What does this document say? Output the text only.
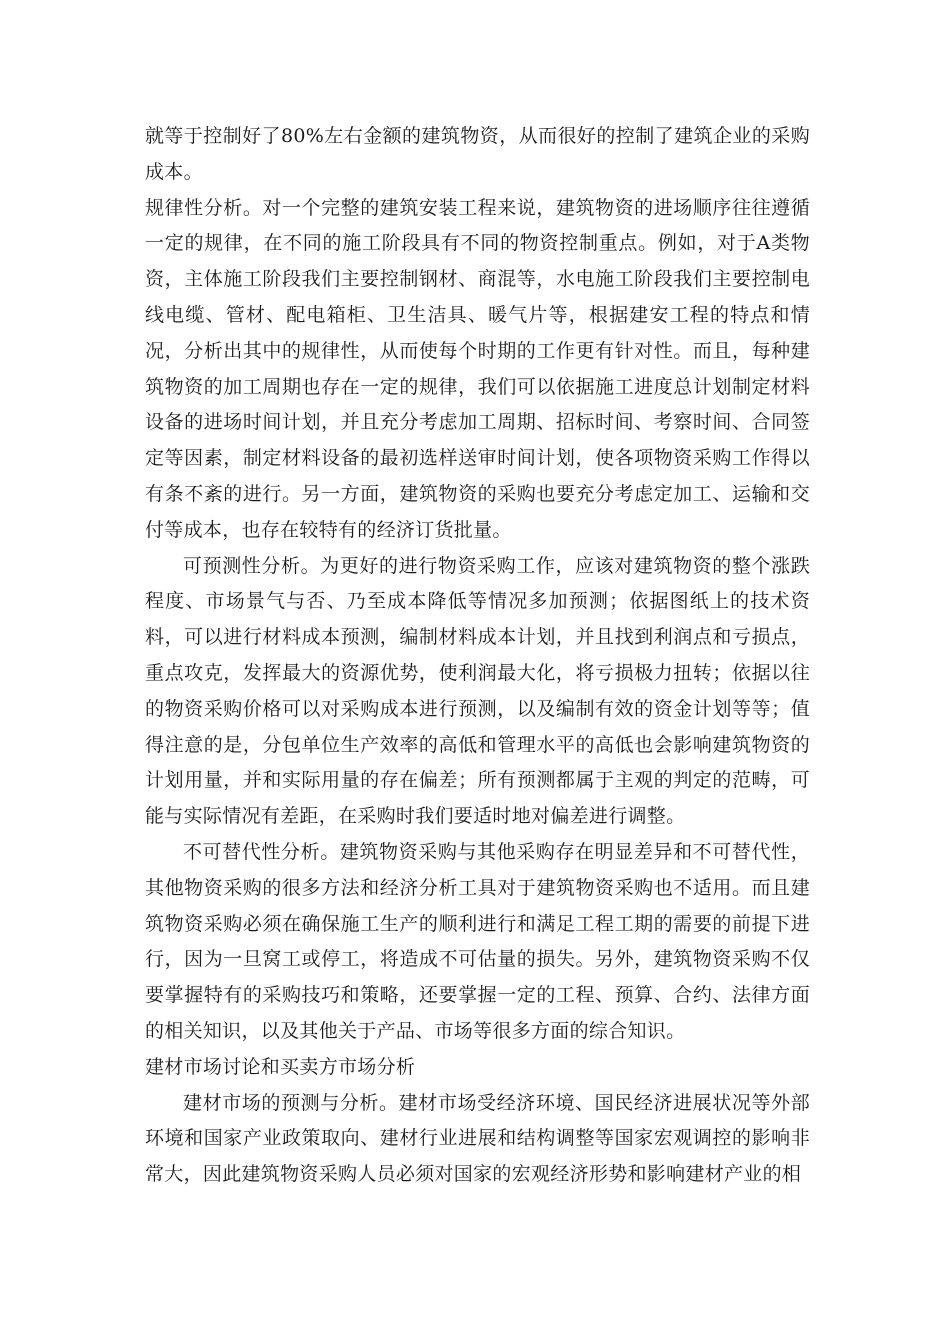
就等于控制好了80%左右金额的建筑物资，从而很好的控制了建筑企业的采购成本。

规律性分析。对一个完整的建筑安装工程来说，建筑物资的进场顺序往往遵循一定的规律，在不同的施工阶段具有不同的物资控制重点。例如，对于A类物资，主体施工阶段我们主要控制钢材、商混等，水电施工阶段我们主要控制电线电缆、管材、配电箱柜、卫生洁具、暖气片等，根据建安工程的特点和情况，分析出其中的规律性，从而使每个时期的工作更有针对性。而且，每种建筑物资的加工周期也存在一定的规律，我们可以依据施工进度总计划制定材料设备的进场时间计划，并且充分考虑加工周期、招标时间、考察时间、合同签定等因素，制定材料设备的最初选样送审时间计划，使各项物资采购工作得以有条不紊的进行。另一方面，建筑物资的采购也要充分考虑定加工、运输和交付等成本，也存在较特有的经济订货批量。

可预测性分析。为更好的进行物资采购工作，应该对建筑物资的整个涨跌程度、市场景气与否、乃至成本降低等情况多加预测；依据图纸上的技术资料，可以进行材料成本预测，编制材料成本计划，并且找到利润点和亏损点，重点攻克，发挥最大的资源优势，使利润最大化，将亏损极力扭转；依据以往的物资采购价格可以对采购成本进行预测，以及编制有效的资金计划等等；值得注意的是，分包单位生产效率的高低和管理水平的高低也会影响建筑物资的计划用量，并和实际用量的存在偏差；所有预测都属于主观的判定的范畴，可能与实际情况有差距，在采购时我们要适时地对偏差进行调整。

不可替代性分析。建筑物资采购与其他采购存在明显差异和不可替代性，其他物资采购的很多方法和经济分析工具对于建筑物资采购也不适用。而且建筑物资采购必须在确保施工生产的顺利进行和满足工程工期的需要的前提下进行，因为一旦窝工或停工，将造成不可估量的损失。另外，建筑物资采购不仅要掌握特有的采购技巧和策略，还要掌握一定的工程、预算、合约、法律方面的相关知识，以及其他关于产品、市场等很多方面的综合知识。

建材市场讨论和买卖方市场分析

建材市场的预测与分析。建材市场受经济环境、国民经济进展状况等外部环境和国家产业政策取向、建材行业进展和结构调整等国家宏观调控的影响非常大，因此建筑物资采购人员必须对国家的宏观经济形势和影响建材产业的相
